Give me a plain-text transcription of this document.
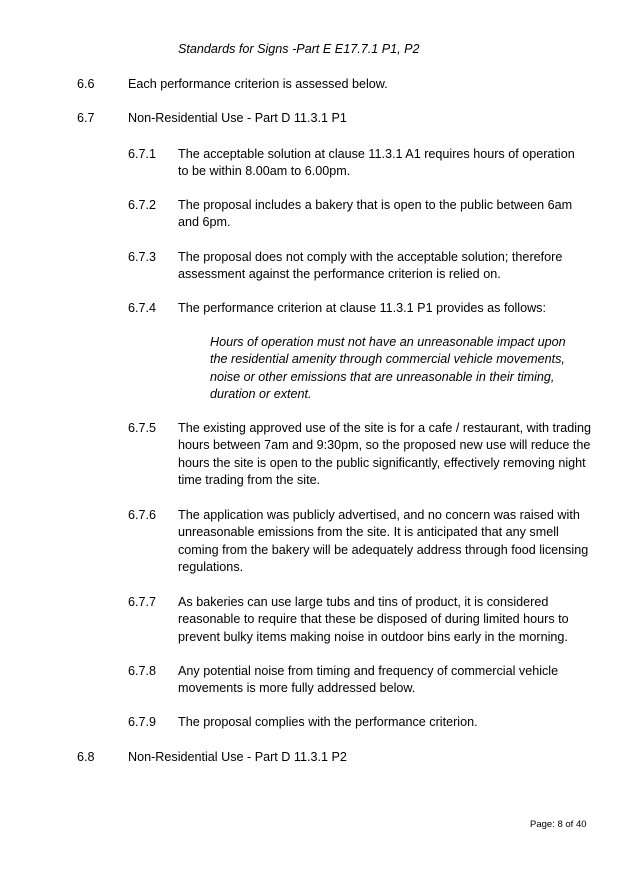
Standards for Signs -Part E E17.7.1 P1, P2
6.6	Each performance criterion is assessed below.
6.7	Non-Residential Use - Part D 11.3.1 P1
6.7.1 The acceptable solution at clause 11.3.1 A1 requires hours of operation
to be within 8.00am to 6.00pm.
6.7.2 The proposal includes a bakery that is open to the public between 6am
and 6pm.
6.7.3 The proposal does not comply with the acceptable solution; therefore
assessment against the performance criterion is relied on.
6.7.4 The performance criterion at clause 11.3.1 P1 provides as follows:
Hours of operation must not have an unreasonable impact upon
the residential amenity through commercial vehicle movements,
noise or other emissions that are unreasonable in their timing,
duration or extent.
6.7.5 The existing approved use of the site is for a cafe / restaurant, with trading
hours between 7am and 9:30pm, so the proposed new use will reduce the
hours the site is open to the public significantly, effectively removing night
time trading from the site.
6.7.6 The application was publicly advertised, and no concern was raised with
unreasonable emissions from the site. It is anticipated that any smell
coming from the bakery will be adequately address through food licensing
regulations.
6.7.7 As bakeries can use large tubs and tins of product, it is considered
reasonable to require that these be disposed of during limited hours to
prevent bulky items making noise in outdoor bins early in the morning.
6.7.8 Any potential noise from timing and frequency of commercial vehicle
movements is more fully addressed below.
6.7.9 The proposal complies with the performance criterion.
6.8	Non-Residential Use - Part D 11.3.1 P2
Page: 8 of 40
